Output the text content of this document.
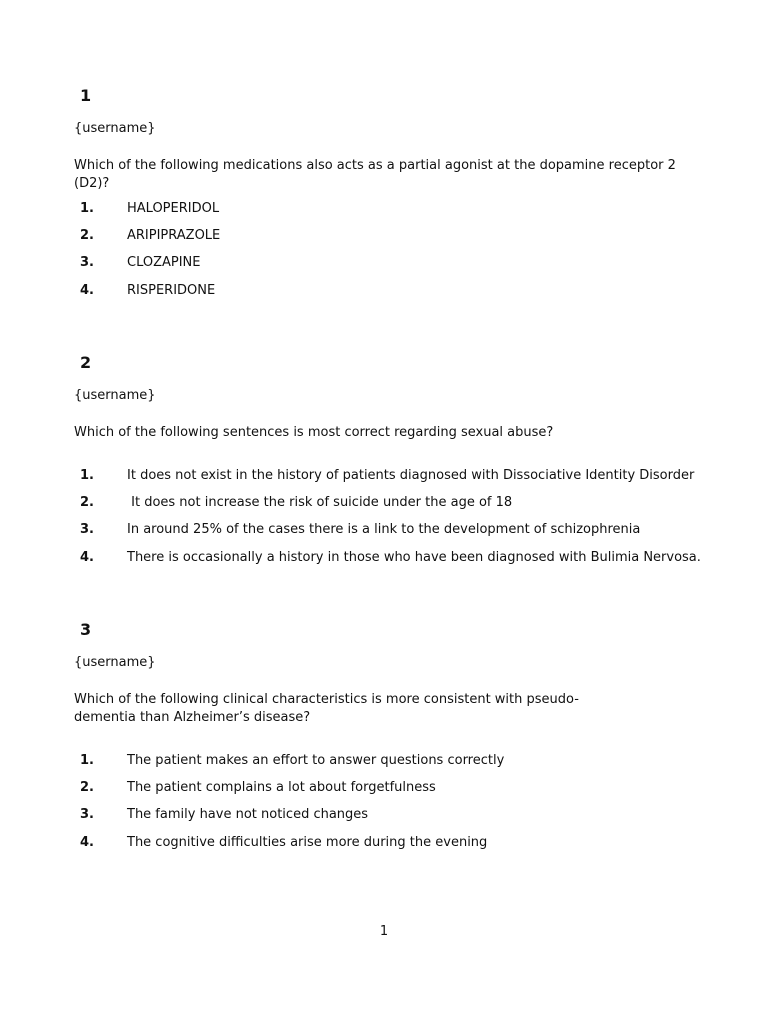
1
{username}
Which of the following medications also acts as a partial agonist at the dopamine receptor 2 (D2)?
1.	HALOPERIDOL
2.	ARIPIPRAZOLE
3.	CLOZAPINE
4.	RISPERIDONE
2
{username}
Which of the following sentences is most correct regarding sexual abuse?
1.	It does not exist in the history of patients diagnosed with Dissociative Identity Disorder
2.	It does not increase the risk of suicide under the age of 18
3.	In around 25% of the cases there is a link to the development of schizophrenia
4.	There is occasionally a history in those who have been diagnosed with Bulimia Nervosa.
3
{username}
Which of the following clinical characteristics is more consistent with pseudo-dementia than Alzheimer’s disease?
1.	The patient makes an effort to answer questions correctly
2.	The patient complains a lot about forgetfulness
3.	The family have not noticed changes
4.	The cognitive difficulties arise more during the evening
1
